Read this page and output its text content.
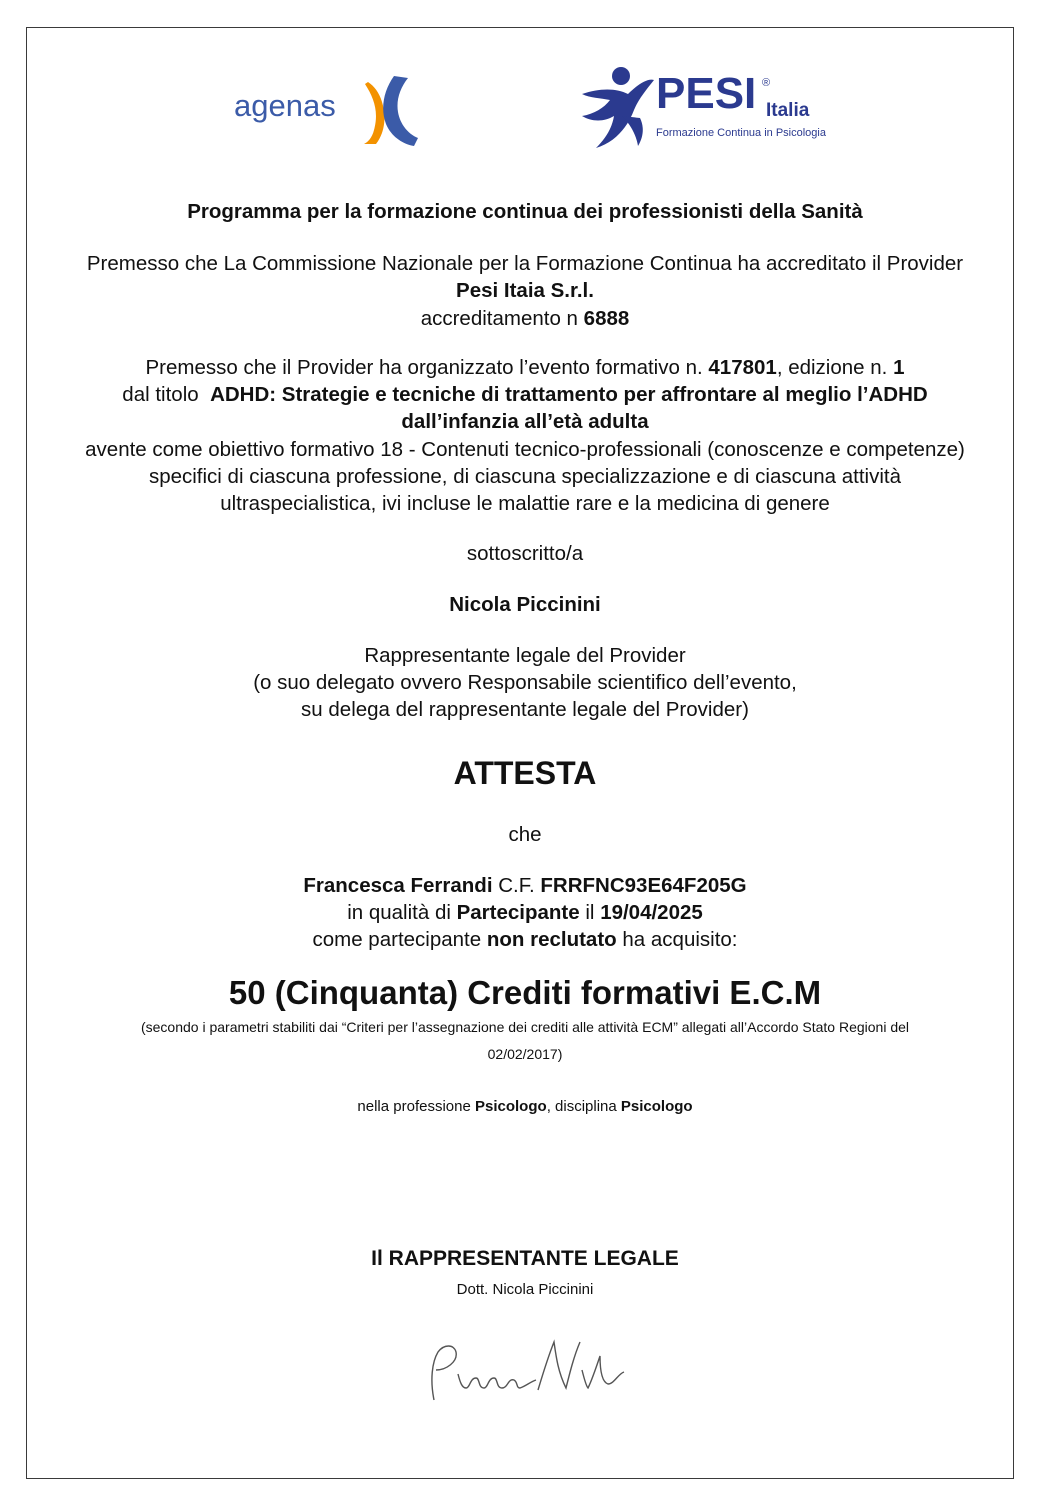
agenas	PESI ®
Italia
Formazione Continua in Psicologia
Programma per la formazione continua dei professionisti della Sanità
Premesso che La Commissione Nazionale per la Formazione Continua ha accreditato il Provider
Pesi Itaia S.r.l.
accreditamento n 6888
Premesso che il Provider ha organizzato l’evento formativo n. 417801, edizione n. 1
dal titolo ADHD: Strategie e tecniche di trattamento per affrontare al meglio l’ADHD
dall’infanzia all’età adulta
avente come obiettivo formativo 18 - Contenuti tecnico-professionali (conoscenze e competenze)
specifici di ciascuna professione, di ciascuna specializzazione e di ciascuna attività
ultraspecialistica, ivi incluse le malattie rare e la medicina di genere
sottoscritto/a
Nicola Piccinini
Rappresentante legale del Provider
(o suo delegato ovvero Responsabile scientifico dell’evento,
su delega del rappresentante legale del Provider)
ATTESTA
che
Francesca Ferrandi C.F. FRRFNC93E64F205G
in qualità di Partecipante il 19/04/2025
come partecipante non reclutato ha acquisito:
50 (Cinquanta) Crediti formativi E.C.M
(secondo i parametri stabiliti dai “Criteri per l’assegnazione dei crediti alle attività ECM” allegati all’Accordo Stato Regioni del
02/02/2017)
nella professione Psicologo, disciplina Psicologo
Il RAPPRESENTANTE LEGALE
Dott. Nicola Piccinini
